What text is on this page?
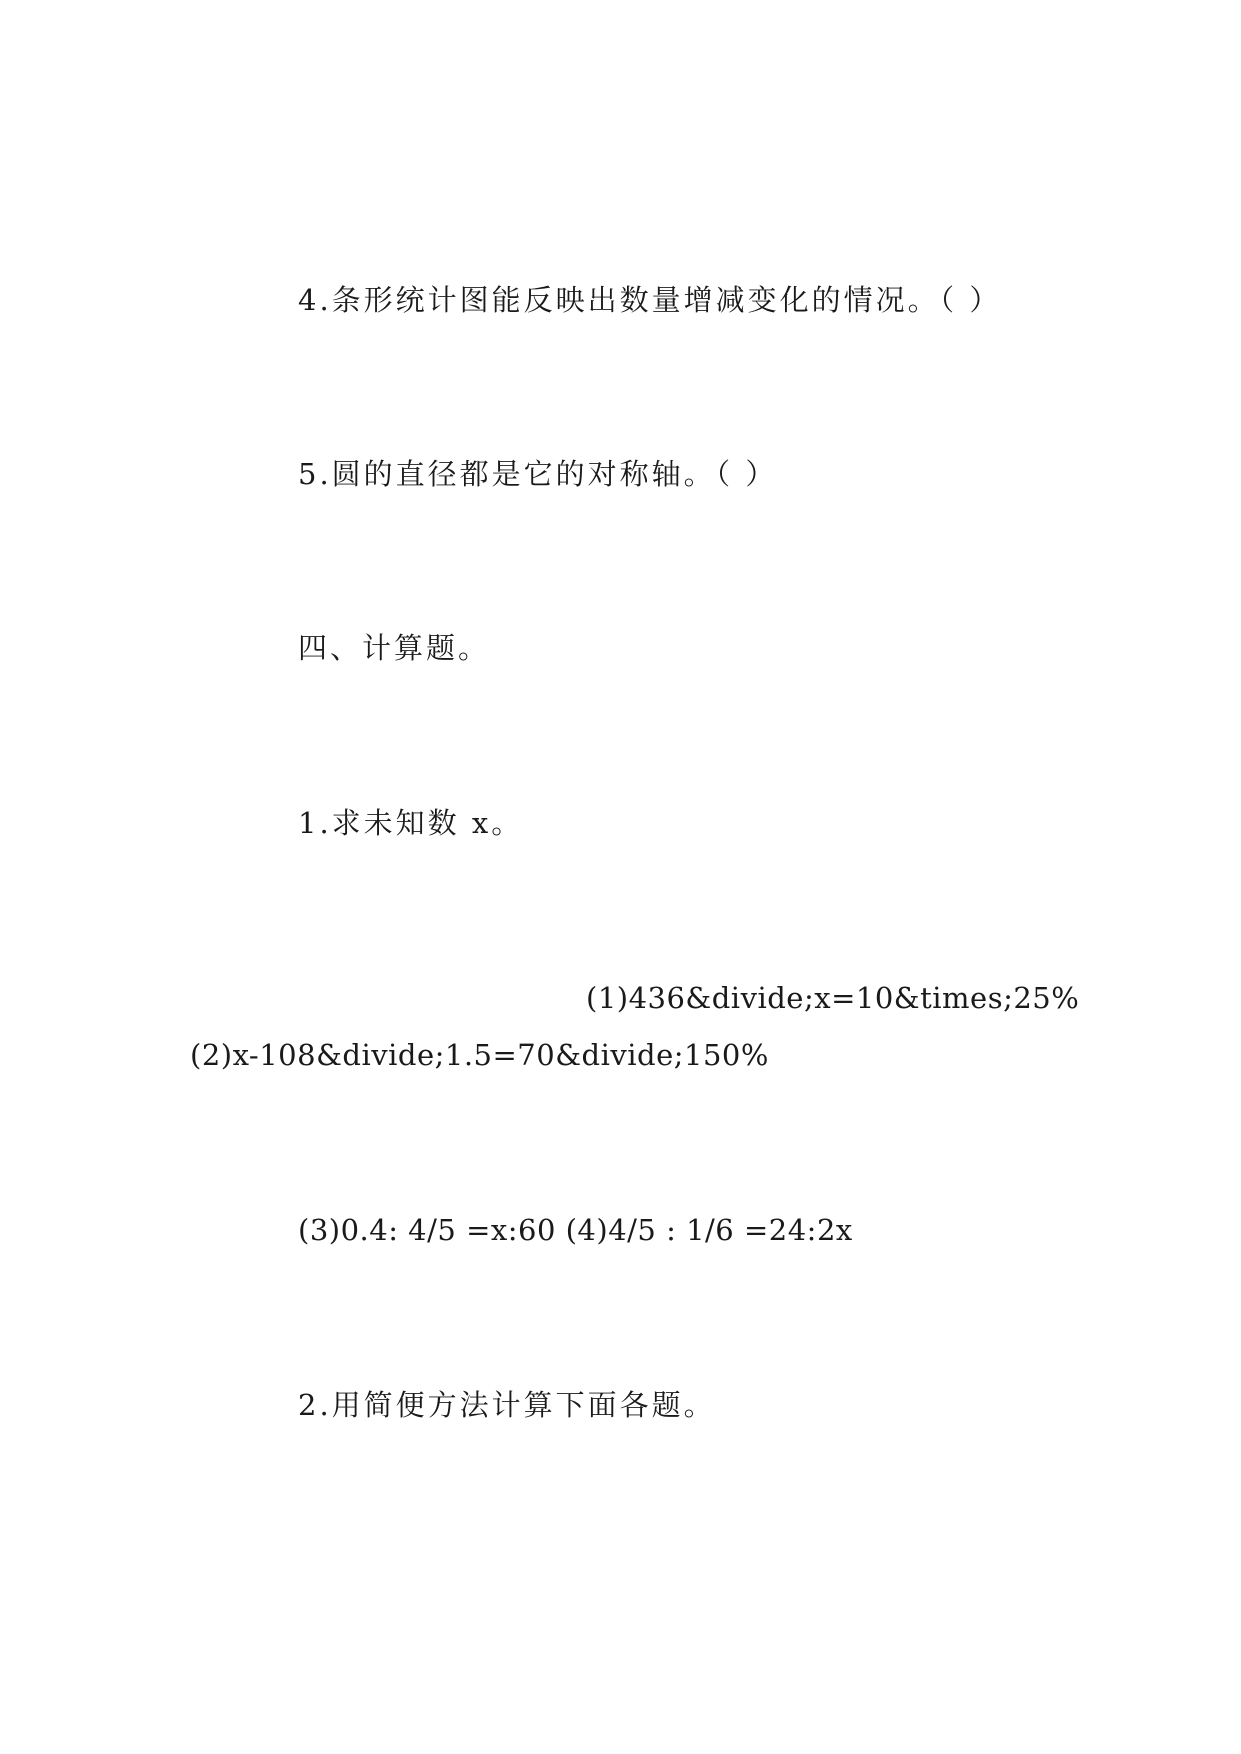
4.条形统计图能反映出数量增减变化的情况。（ ）
5.圆的直径都是它的对称轴。（ ）
四、计算题。
1.求未知数 x。
(1)436&divide;x=10&times;25%
(2)x-108&divide;1.5=70&divide;150%
(3)0.4: 4/5 =x:60 (4)4/5 : 1/6 =24:2x
2.用简便方法计算下面各题。
